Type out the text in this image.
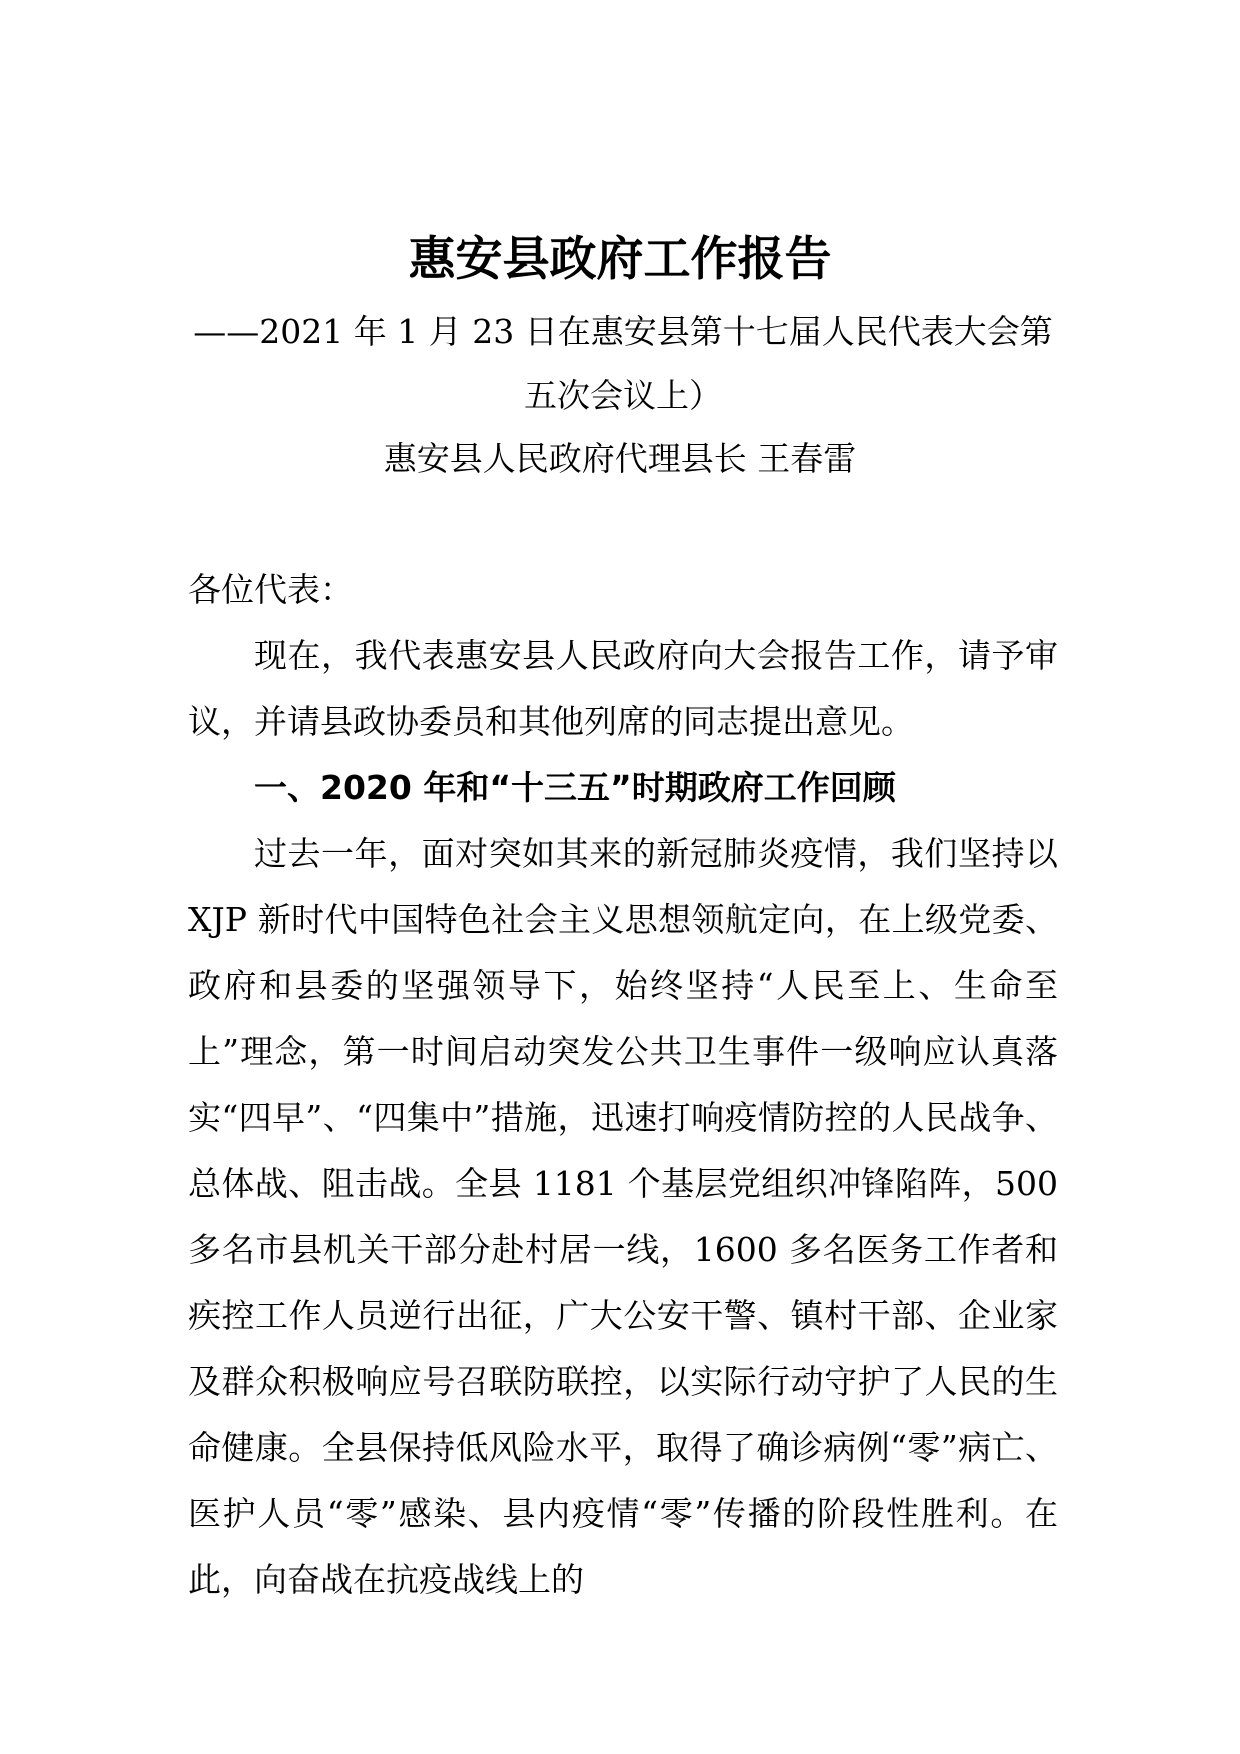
惠安县政府工作报告
——2021 年 1 月 23 日在惠安县第十七届人民代表大会第五次会议上）
惠安县人民政府代理县长 王春雷

各位代表：

现在，我代表惠安县人民政府向大会报告工作，请予审议，并请县政协委员和其他列席的同志提出意见。

一、2020 年和“十三五”时期政府工作回顾

过去一年，面对突如其来的新冠肺炎疫情，我们坚持以 XJP 新时代中国特色社会主义思想领航定向，在上级党委、政府和县委的坚强领导下，始终坚持“人民至上、生命至上”理念，第一时间启动突发公共卫生事件一级响应认真落实“四早”、“四集中”措施，迅速打响疫情防控的人民战争、总体战、阻击战。全县 1181 个基层党组织冲锋陷阵，500 多名市县机关干部分赴村居一线，1600 多名医务工作者和疾控工作人员逆行出征，广大公安干警、镇村干部、企业家及群众积极响应号召联防联控，以实际行动守护了人民的生命健康。全县保持低风险水平，取得了确诊病例“零”病亡、医护人员“零”感染、县内疫情“零”传播的阶段性胜利。在此，向奋战在抗疫战线上的
